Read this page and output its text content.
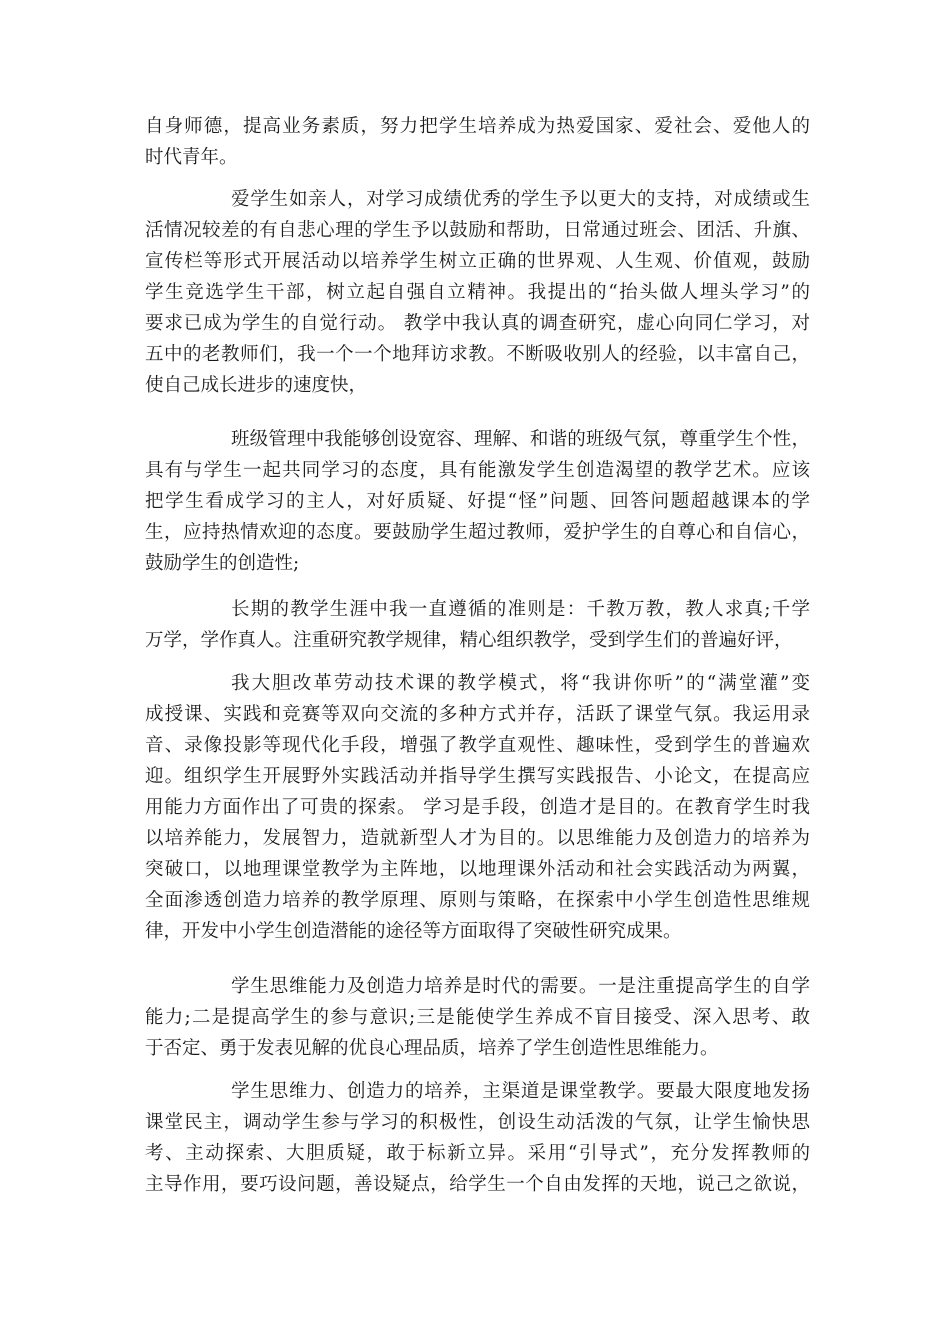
自身师德，提高业务素质，努力把学生培养成为热爱国家、爱社会、爱他人的
时代青年。
爱学生如亲人，对学习成绩优秀的学生予以更大的支持，对成绩或生
活情况较差的有自悲心理的学生予以鼓励和帮助，日常通过班会、团活、升旗、
宣传栏等形式开展活动以培养学生树立正确的世界观、人生观、价值观，鼓励
学生竞选学生干部，树立起自强自立精神。我提出的“抬头做人埋头学习”的
要求已成为学生的自觉行动。 教学中我认真的调查研究，虚心向同仁学习，对
五中的老教师们，我一个一个地拜访求教。不断吸收别人的经验，以丰富自己，
使自己成长进步的速度快，
班级管理中我能够创设宽容、理解、和谐的班级气氛，尊重学生个性，
具有与学生一起共同学习的态度，具有能激发学生创造渴望的教学艺术。应该
把学生看成学习的主人，对好质疑、好提“怪”问题、回答问题超越课本的学
生，应持热情欢迎的态度。要鼓励学生超过教师，爱护学生的自尊心和自信心，
鼓励学生的创造性;
长期的教学生涯中我一直遵循的准则是：千教万教，教人求真;千学
万学，学作真人。注重研究教学规律，精心组织教学，受到学生们的普遍好评，
我大胆改革劳动技术课的教学模式，将“我讲你听”的“满堂灌”变
成授课、实践和竞赛等双向交流的多种方式并存，活跃了课堂气氛。我运用录
音、录像投影等现代化手段，增强了教学直观性、趣味性，受到学生的普遍欢
迎。组织学生开展野外实践活动并指导学生撰写实践报告、小论文，在提高应
用能力方面作出了可贵的探索。 学习是手段，创造才是目的。在教育学生时我
以培养能力，发展智力，造就新型人才为目的。以思维能力及创造力的培养为
突破口，以地理课堂教学为主阵地，以地理课外活动和社会实践活动为两翼，
全面渗透创造力培养的教学原理、原则与策略，在探索中小学生创造性思维规
律，开发中小学生创造潜能的途径等方面取得了突破性研究成果。
学生思维能力及创造力培养是时代的需要。一是注重提高学生的自学
能力;二是提高学生的参与意识;三是能使学生养成不盲目接受、深入思考、敢
于否定、勇于发表见解的优良心理品质，培养了学生创造性思维能力。
学生思维力、创造力的培养，主渠道是课堂教学。要最大限度地发扬
课堂民主，调动学生参与学习的积极性，创设生动活泼的气氛，让学生愉快思
考、主动探索、大胆质疑，敢于标新立异。采用“引导式”，充分发挥教师的
主导作用，要巧设问题，善设疑点，给学生一个自由发挥的天地，说己之欲说，
